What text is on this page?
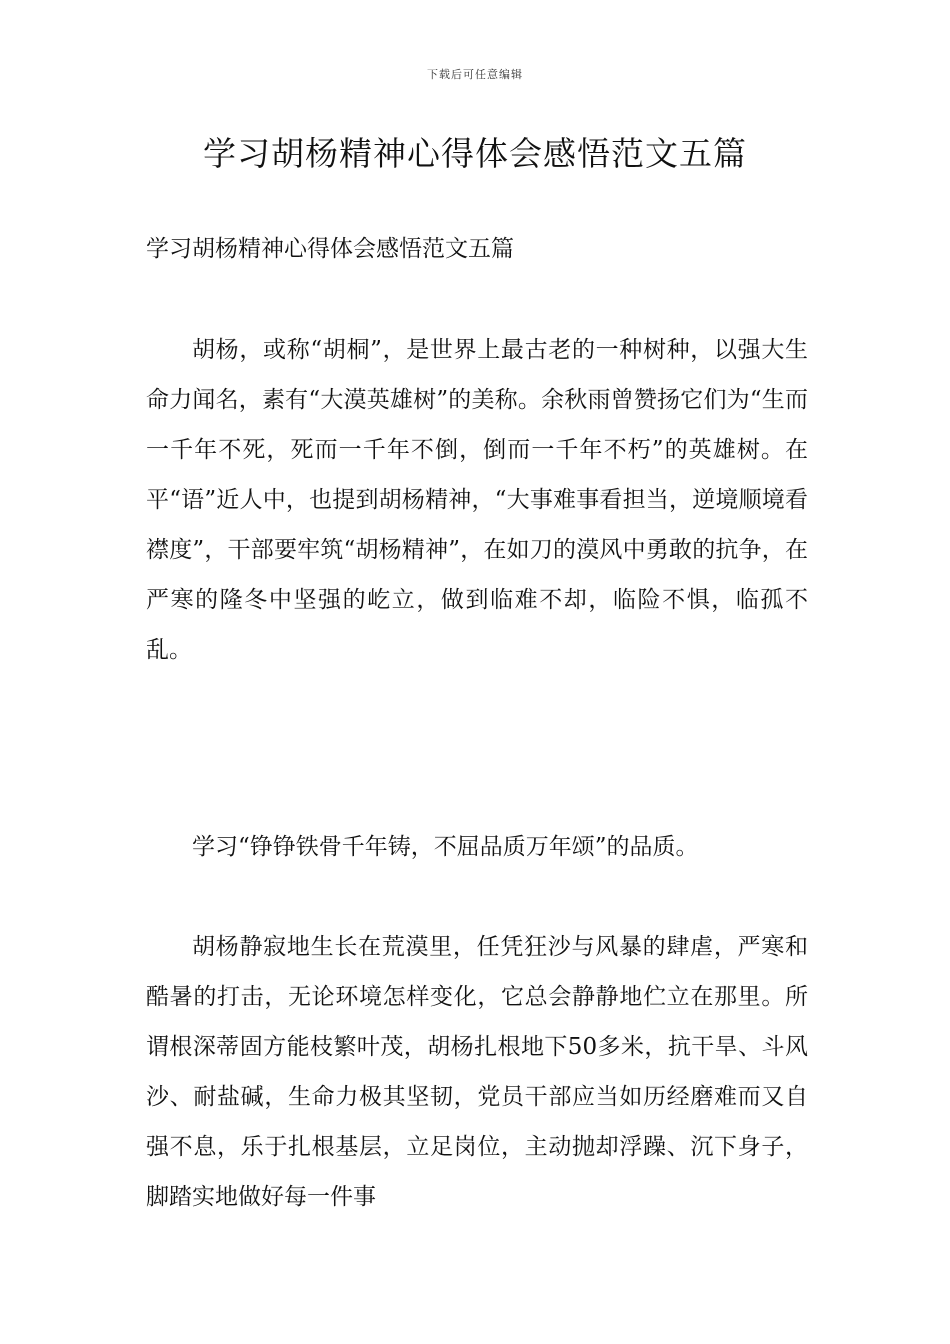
下载后可任意编辑
学习胡杨精神心得体会感悟范文五篇

学习胡杨精神心得体会感悟范文五篇

胡杨，或称“胡桐”，是世界上最古老的一种树种，以强大生命力闻名，素有“大漠英雄树”的美称。余秋雨曾赞扬它们为“生而一千年不死，死而一千年不倒，倒而一千年不朽”的英雄树。在平“语”近人中，也提到胡杨精神，“大事难事看担当，逆境顺境看襟度”，干部要牢筑“胡杨精神”，在如刀的漠风中勇敢的抗争，在严寒的隆冬中坚强的屹立，做到临难不却，临险不惧，临孤不乱。

学习“铮铮铁骨千年铸，不屈品质万年颂”的品质。

胡杨静寂地生长在荒漠里，任凭狂沙与风暴的肆虐，严寒和酷暑的打击，无论环境怎样变化，它总会静静地伫立在那里。所谓根深蒂固方能枝繁叶茂，胡杨扎根地下50多米，抗干旱、斗风沙、耐盐碱，生命力极其坚韧，党员干部应当如历经磨难而又自强不息，乐于扎根基层，立足岗位，主动抛却浮躁、沉下身子，脚踏实地做好每一件事
